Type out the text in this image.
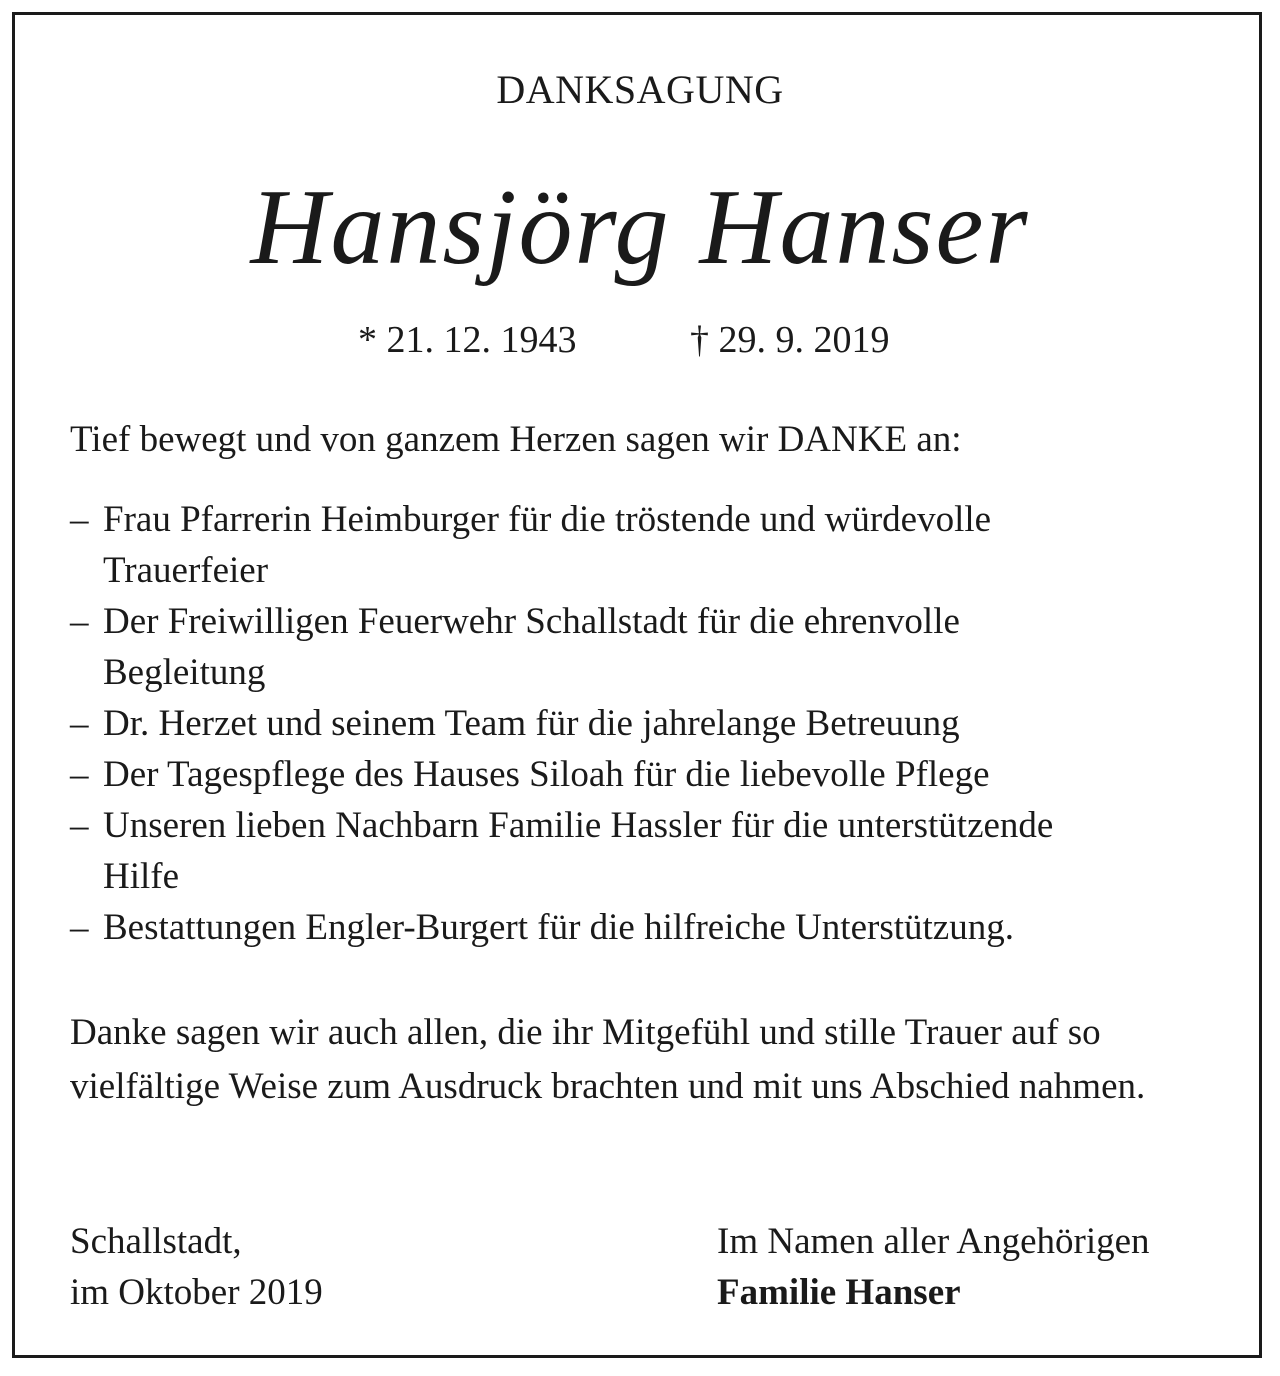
DANKSAGUNG
Hansjörg Hanser
* 21. 12. 1943	† 29. 9. 2019
Tief bewegt und von ganzem Herzen sagen wir DANKE an:
– Frau Pfarrerin Heimburger für die tröstende und würdevolle
Trauerfeier
– Der Freiwilligen Feuerwehr Schallstadt für die ehrenvolle
Begleitung
– Dr. Herzet und seinem Team für die jahrelange Betreuung
– Der Tagespflege des Hauses Siloah für die liebevolle Pflege
– Unseren lieben Nachbarn Familie Hassler für die unterstützende
Hilfe
– Bestattungen Engler-Burgert für die hilfreiche Unterstützung.

Danke sagen wir auch allen, die ihr Mitgefühl und stille Trauer auf so vielfältige Weise zum Ausdruck brachten und mit uns Abschied nahmen.

Schallstadt,
im Oktober 2019
Im Namen aller Angehörigen
Familie Hanser
